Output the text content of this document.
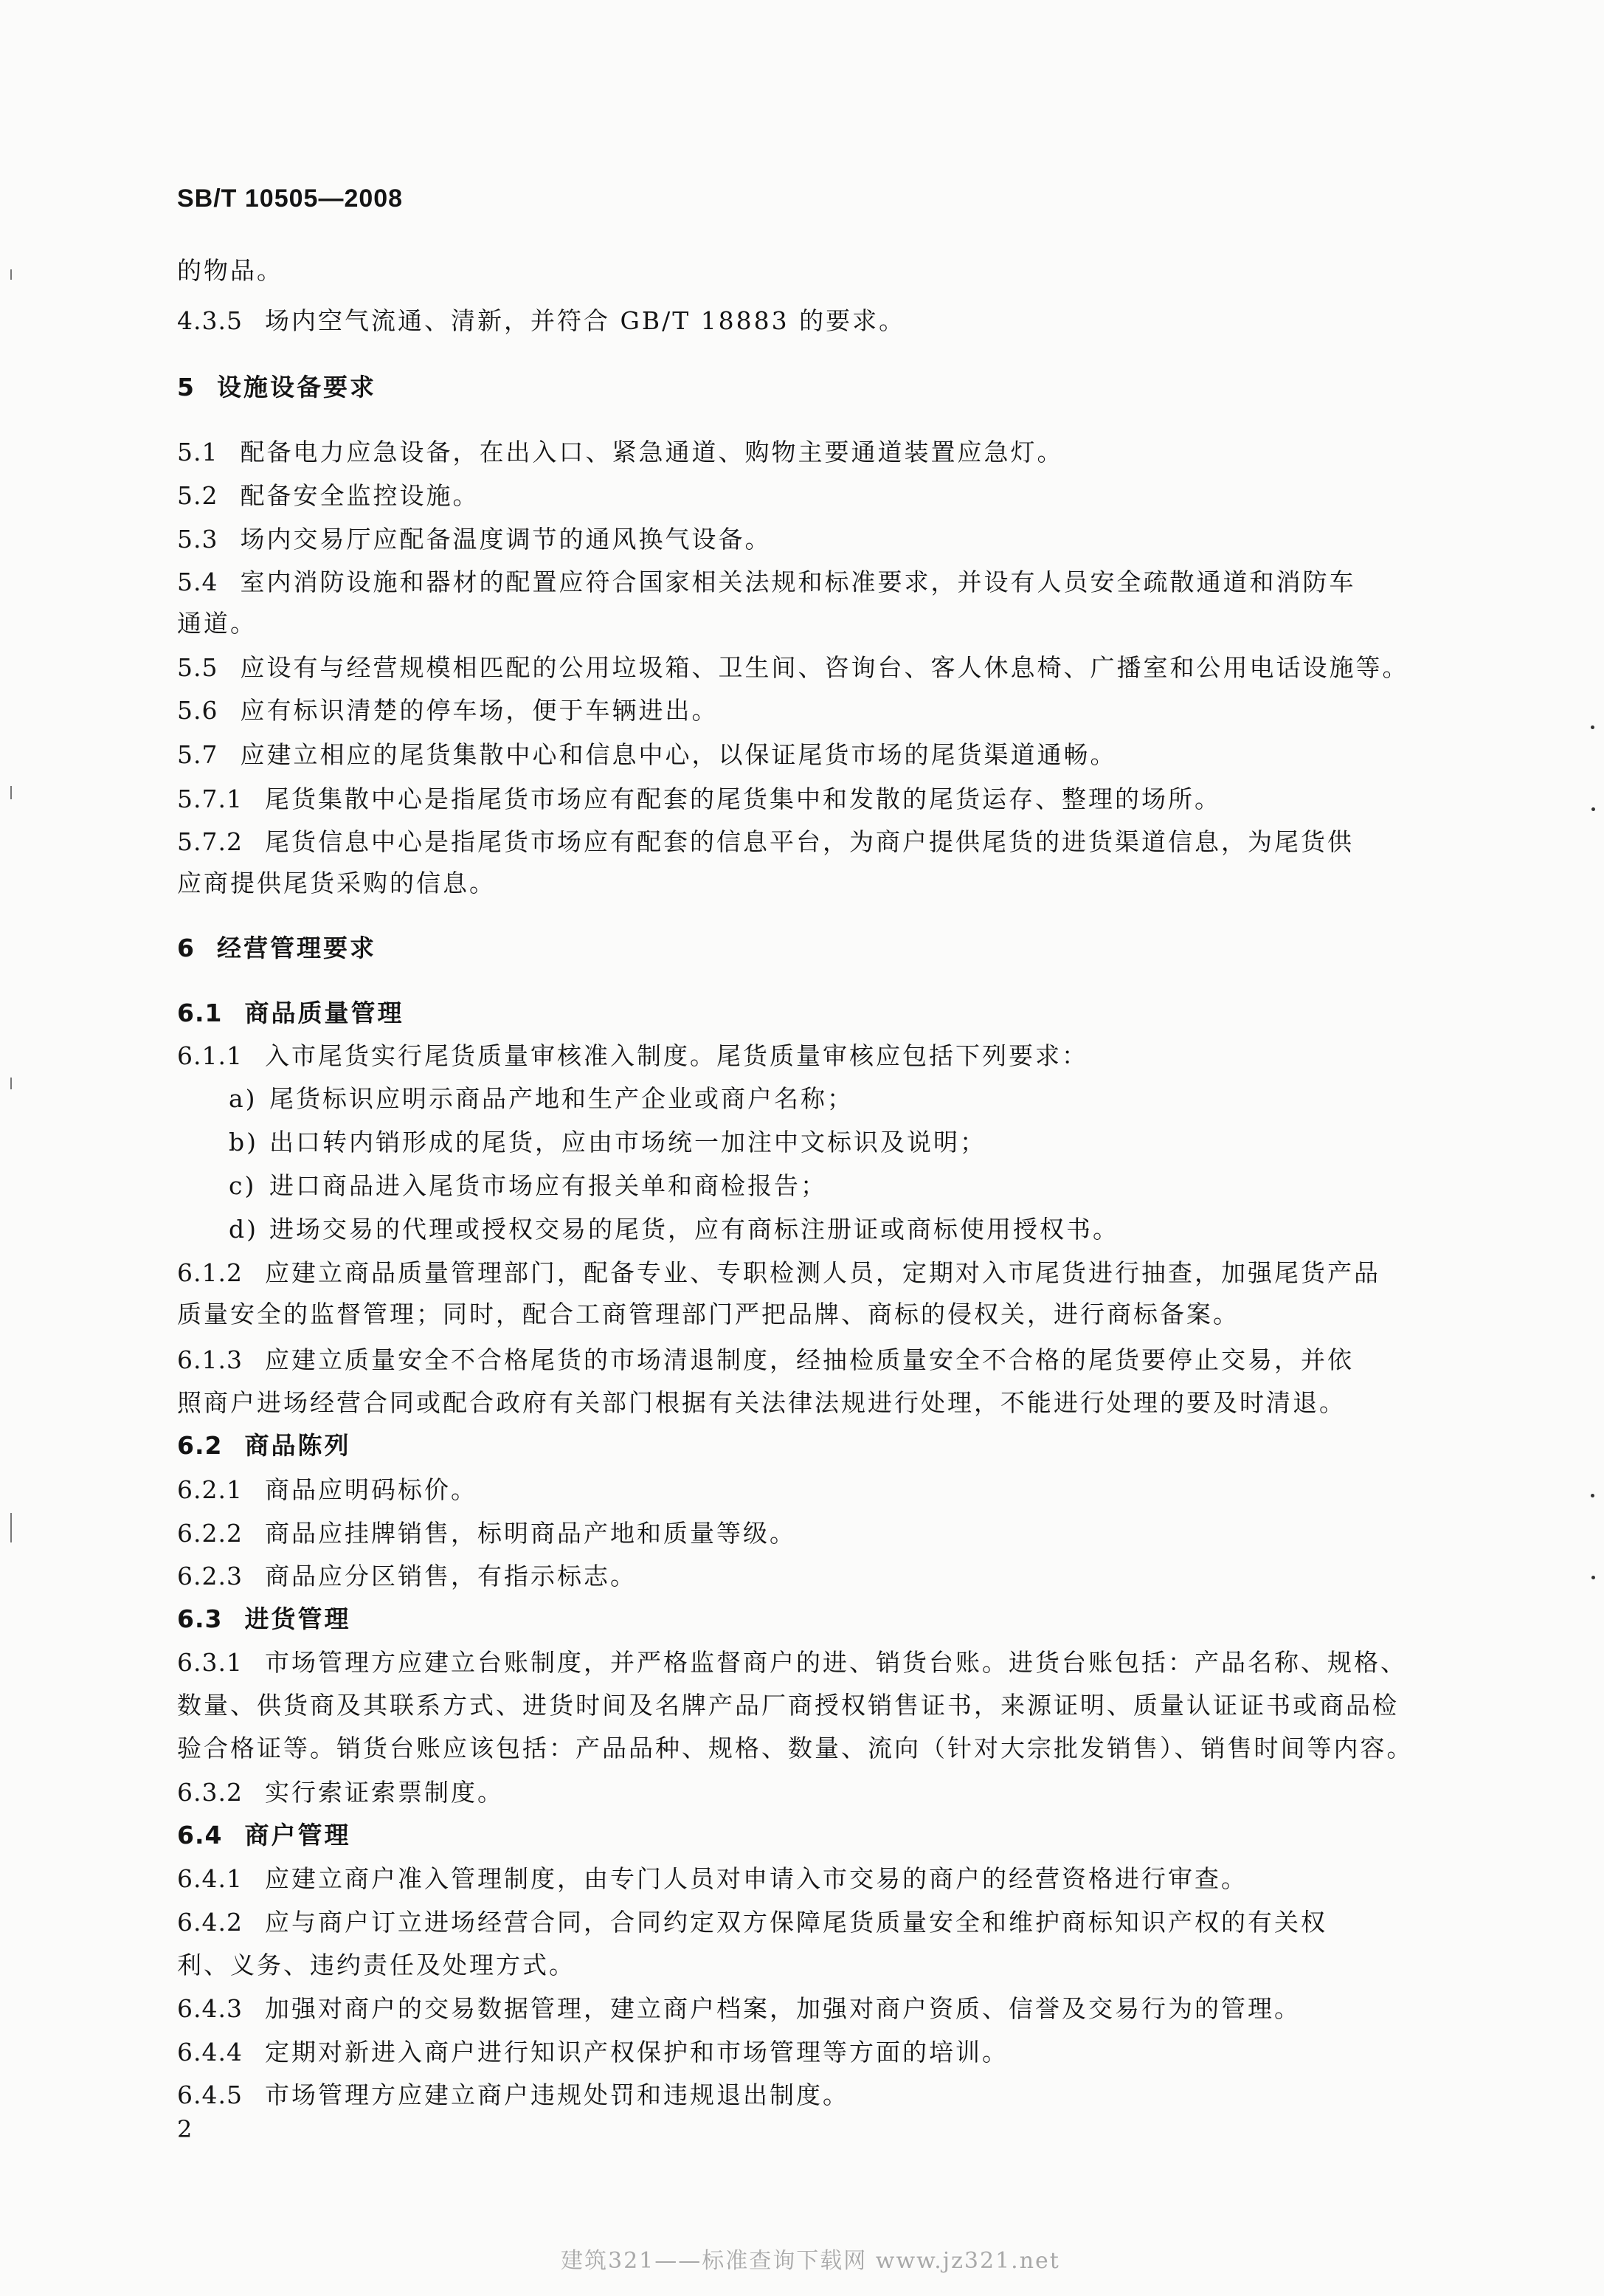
SB/T 10505—2008
的物品。
4.3.5 场内空气流通、清新，并符合 GB/T 18883 的要求。
5 设施设备要求
5.1 配备电力应急设备，在出入口、紧急通道、购物主要通道装置应急灯。
5.2 配备安全监控设施。
5.3 场内交易厅应配备温度调节的通风换气设备。
5.4 室内消防设施和器材的配置应符合国家相关法规和标准要求，并设有人员安全疏散通道和消防车
通道。
5.5 应设有与经营规模相匹配的公用垃圾箱、卫生间、咨询台、客人休息椅、广播室和公用电话设施等。
5.6 应有标识清楚的停车场，便于车辆进出。
5.7 应建立相应的尾货集散中心和信息中心，以保证尾货市场的尾货渠道通畅。
5.7.1 尾货集散中心是指尾货市场应有配套的尾货集中和发散的尾货运存、整理的场所。
5.7.2 尾货信息中心是指尾货市场应有配套的信息平台，为商户提供尾货的进货渠道信息，为尾货供
应商提供尾货采购的信息。
6 经营管理要求
6.1 商品质量管理
6.1.1 入市尾货实行尾货质量审核准入制度。尾货质量审核应包括下列要求：
a) 尾货标识应明示商品产地和生产企业或商户名称；
b) 出口转内销形成的尾货，应由市场统一加注中文标识及说明；
c) 进口商品进入尾货市场应有报关单和商检报告；
d) 进场交易的代理或授权交易的尾货，应有商标注册证或商标使用授权书。
6.1.2 应建立商品质量管理部门，配备专业、专职检测人员，定期对入市尾货进行抽查，加强尾货产品
质量安全的监督管理；同时，配合工商管理部门严把品牌、商标的侵权关，进行商标备案。
6.1.3 应建立质量安全不合格尾货的市场清退制度，经抽检质量安全不合格的尾货要停止交易，并依
照商户进场经营合同或配合政府有关部门根据有关法律法规进行处理，不能进行处理的要及时清退。
6.2 商品陈列
6.2.1 商品应明码标价。
6.2.2 商品应挂牌销售，标明商品产地和质量等级。
6.2.3 商品应分区销售，有指示标志。
6.3 进货管理
6.3.1 市场管理方应建立台账制度，并严格监督商户的进、销货台账。进货台账包括：产品名称、规格、
数量、供货商及其联系方式、进货时间及名牌产品厂商授权销售证书，来源证明、质量认证证书或商品检
验合格证等。销货台账应该包括：产品品种、规格、数量、流向（针对大宗批发销售）、销售时间等内容。
6.3.2 实行索证索票制度。
6.4 商户管理
6.4.1 应建立商户准入管理制度，由专门人员对申请入市交易的商户的经营资格进行审查。
6.4.2 应与商户订立进场经营合同，合同约定双方保障尾货质量安全和维护商标知识产权的有关权
利、义务、违约责任及处理方式。
6.4.3 加强对商户的交易数据管理，建立商户档案，加强对商户资质、信誉及交易行为的管理。
6.4.4 定期对新进入商户进行知识产权保护和市场管理等方面的培训。
6.4.5 市场管理方应建立商户违规处罚和违规退出制度。
2
建筑321——标准查询下载网 www.jz321.net
